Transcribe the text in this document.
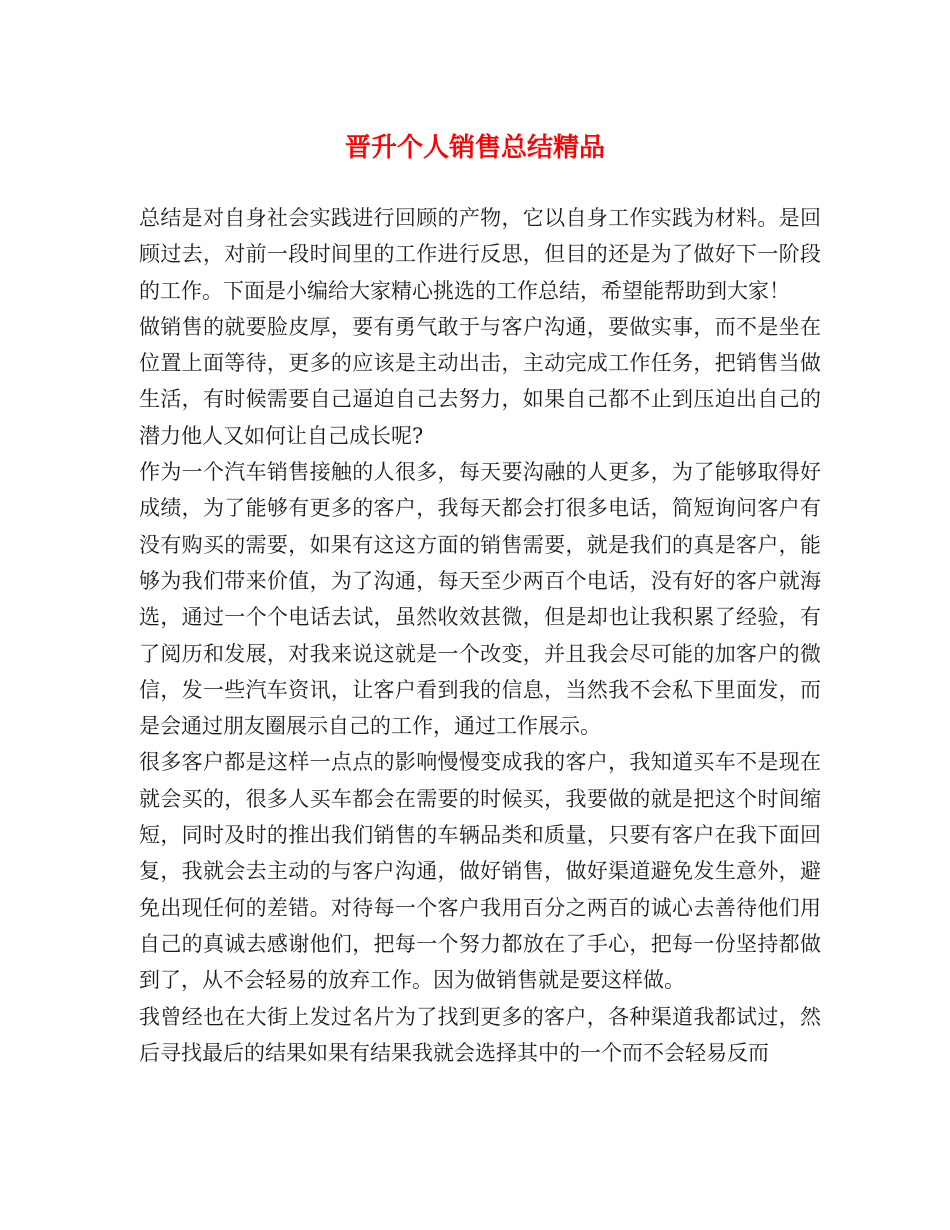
晋升个人销售总结精品

总结是对自身社会实践进行回顾的产物，它以自身工作实践为材料。是回顾过去，对前一段时间里的工作进行反思，但目的还是为了做好下一阶段的工作。下面是小编给大家精心挑选的工作总结，希望能帮助到大家！

做销售的就要脸皮厚，要有勇气敢于与客户沟通，要做实事，而不是坐在位置上面等待，更多的应该是主动出击，主动完成工作任务，把销售当做生活，有时候需要自己逼迫自己去努力，如果自己都不止到压迫出自己的潜力他人又如何让自己成长呢?

作为一个汽车销售接触的人很多，每天要沟融的人更多，为了能够取得好成绩，为了能够有更多的客户，我每天都会打很多电话，简短询问客户有没有购买的需要，如果有这这方面的销售需要，就是我们的真是客户，能够为我们带来价值，为了沟通，每天至少两百个电话，没有好的客户就海选，通过一个个电话去试，虽然收效甚微，但是却也让我积累了经验，有了阅历和发展，对我来说这就是一个改变，并且我会尽可能的加客户的微信，发一些汽车资讯，让客户看到我的信息，当然我不会私下里面发，而是会通过朋友圈展示自己的工作，通过工作展示。

很多客户都是这样一点点的影响慢慢变成我的客户，我知道买车不是现在就会买的，很多人买车都会在需要的时候买，我要做的就是把这个时间缩短，同时及时的推出我们销售的车辆品类和质量，只要有客户在我下面回复，我就会去主动的与客户沟通，做好销售，做好渠道避免发生意外，避免出现任何的差错。对待每一个客户我用百分之两百的诚心去善待他们用自己的真诚去感谢他们，把每一个努力都放在了手心，把每一份坚持都做到了，从不会轻易的放弃工作。因为做销售就是要这样做。

我曾经也在大街上发过名片为了找到更多的客户，各种渠道我都试过，然后寻找最后的结果如果有结果我就会选择其中的一个而不会轻易反而
